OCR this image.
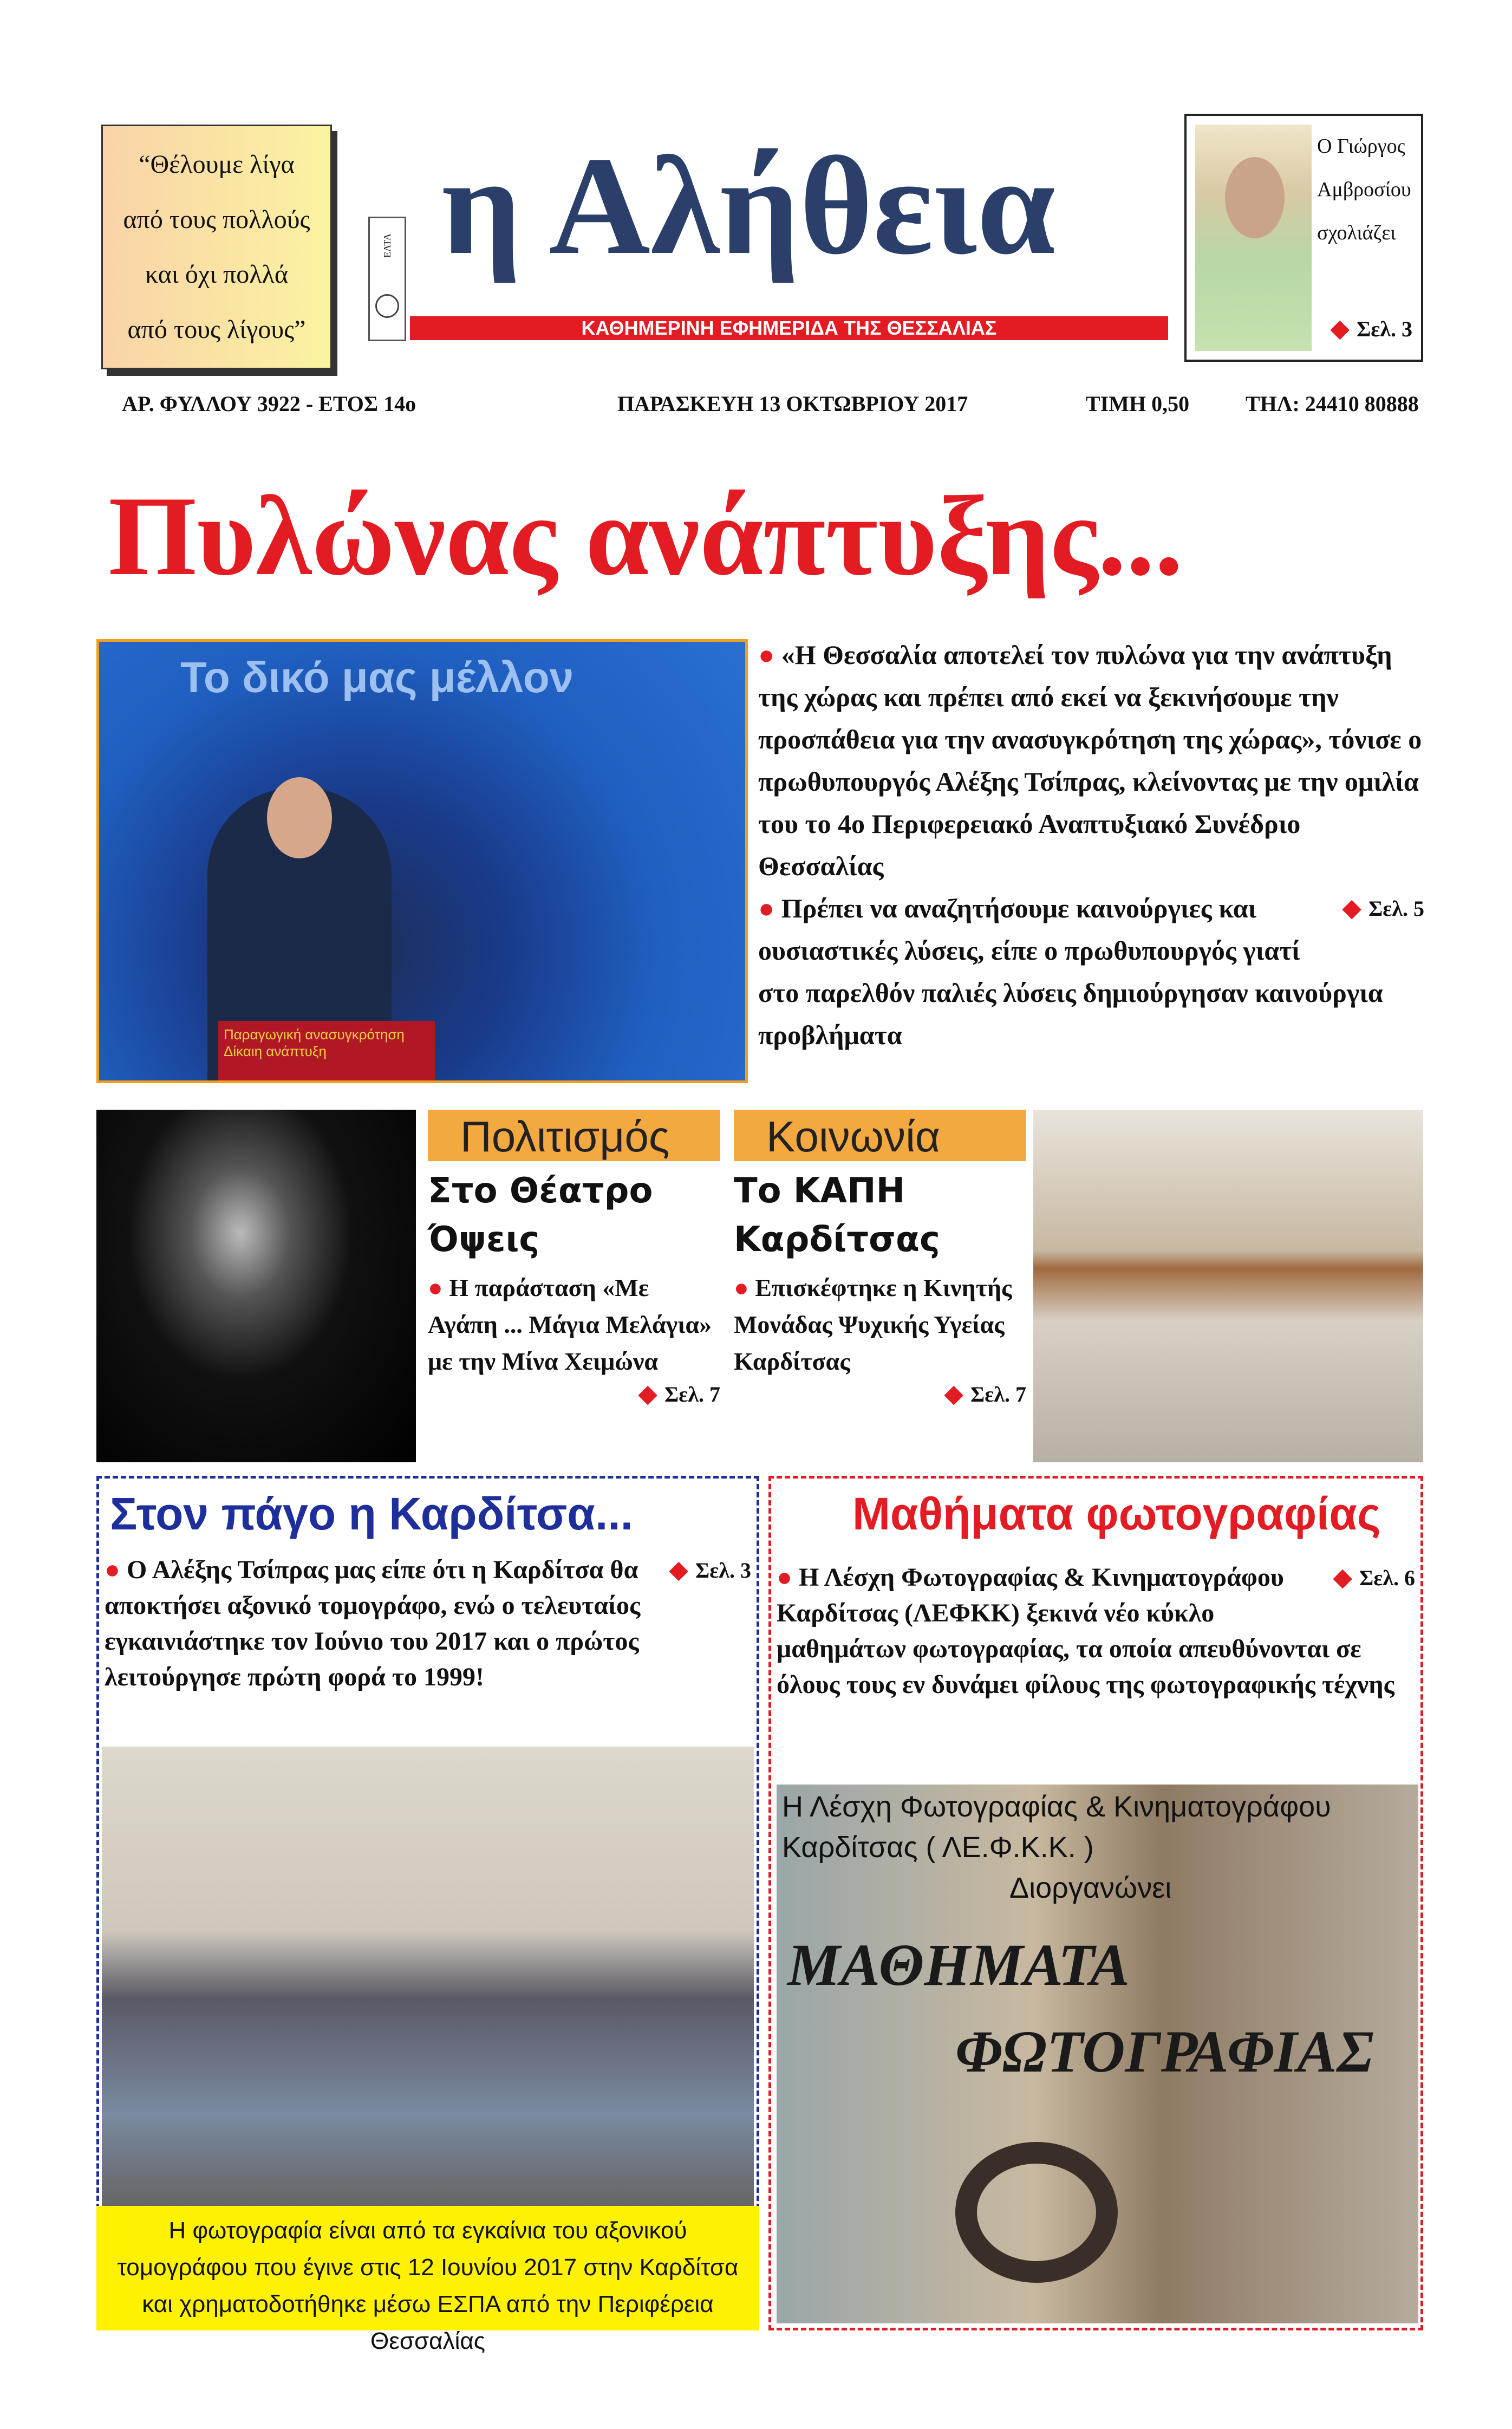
“Θέλουμε λίγα
από τους πολλούς
και όχι πολλά
από τους λίγους”
ΕΛΤΑ η Αλήθεια
ΚΑΘΗΜΕΡΙΝΗ ΕΦΗΜΕΡΙΔΑ ΤΗΣ ΘΕΣΣΑΛΙΑΣ
Ο Γιώργος
Αμβροσίου
σχολιάζει
◆ Σελ. 3
ΑΡ. ΦΥΛΛΟΥ 3922 - ΕΤΟΣ 14ο	ΠΑΡΑΣΚΕΥΗ 13 ΟΚΤΩΒΡΙΟΥ 2017	ΤΙΜΗ 0,50	ΤΗΛ: 24410 80888
Πυλώνας ανάπτυξης...
Το δικό μας μέλλον
Παραγωγική ανασυγκρότηση Δίκαιη ανάπτυξη

● «Η Θεσσαλία αποτελεί τον πυλώνα για την ανάπτυξη της χώρας και πρέπει από εκεί να ξεκινήσουμε την προσπάθεια για την ανασυγκρότηση της χώρας», τόνισε ο πρωθυπουργός Αλέξης Τσίπρας, κλείνοντας με την ομιλία του το 4ο Περιφερειακό Αναπτυξιακό Συνέδριο Θεσσαλίας

◆ Σελ. 5
● Πρέπει να αναζητήσουμε καινούργιες και ουσιαστικές λύσεις, είπε ο πρωθυπουργός γιατί στο παρελθόν παλιές λύσεις δημιούργησαν καινούργια προβλήματα

Πολιτισμός
Στο Θέατρο Όψεις
● Η παράσταση «Με Αγάπη ... Μάγια Μελάγια» με την Μίνα Χειμώνα
◆ Σελ. 7
Κοινωνία
Το ΚΑΠΗ Καρδίτσας
● Επισκέφτηκε η Κινητής Μονάδας Ψυχικής Υγείας Καρδίτσας
◆ Σελ. 7
Στον πάγο η Καρδίτσα...
◆ Σελ. 3
● Ο Αλέξης Τσίπρας μας είπε ότι η Καρδίτσα θα αποκτήσει αξονικό τομογράφο, ενώ ο τελευταίος εγκαινιάστηκε τον Ιούνιο του 2017 και ο πρώτος λειτούργησε πρώτη φορά το 1999!
Η φωτογραφία είναι από τα εγκαίνια του αξονικού τομογράφου που έγινε στις 12 Ιουνίου 2017 στην Καρδίτσα και χρηματοδοτήθηκε μέσω ΕΣΠΑ από την Περιφέρεια Θεσσαλίας
Μαθήματα φωτογραφίας
◆ Σελ. 6
● Η Λέσχη Φωτογραφίας & Κινηματογράφου Καρδίτσας (ΛΕΦΚΚ) ξεκινά νέο κύκλο μαθημάτων φωτογραφίας, τα οποία απευθύνονται σε όλους τους εν δυνάμει φίλους της φωτογραφικής τέχνης
Η Λέσχη Φωτογραφίας & Κινηματογράφου
Καρδίτσας ( ΛΕ.Φ.Κ.Κ. )
Διοργανώνει
ΜΑΘΗΜΑΤΑ
ΦΩΤΟΓΡΑΦΙΑΣ
